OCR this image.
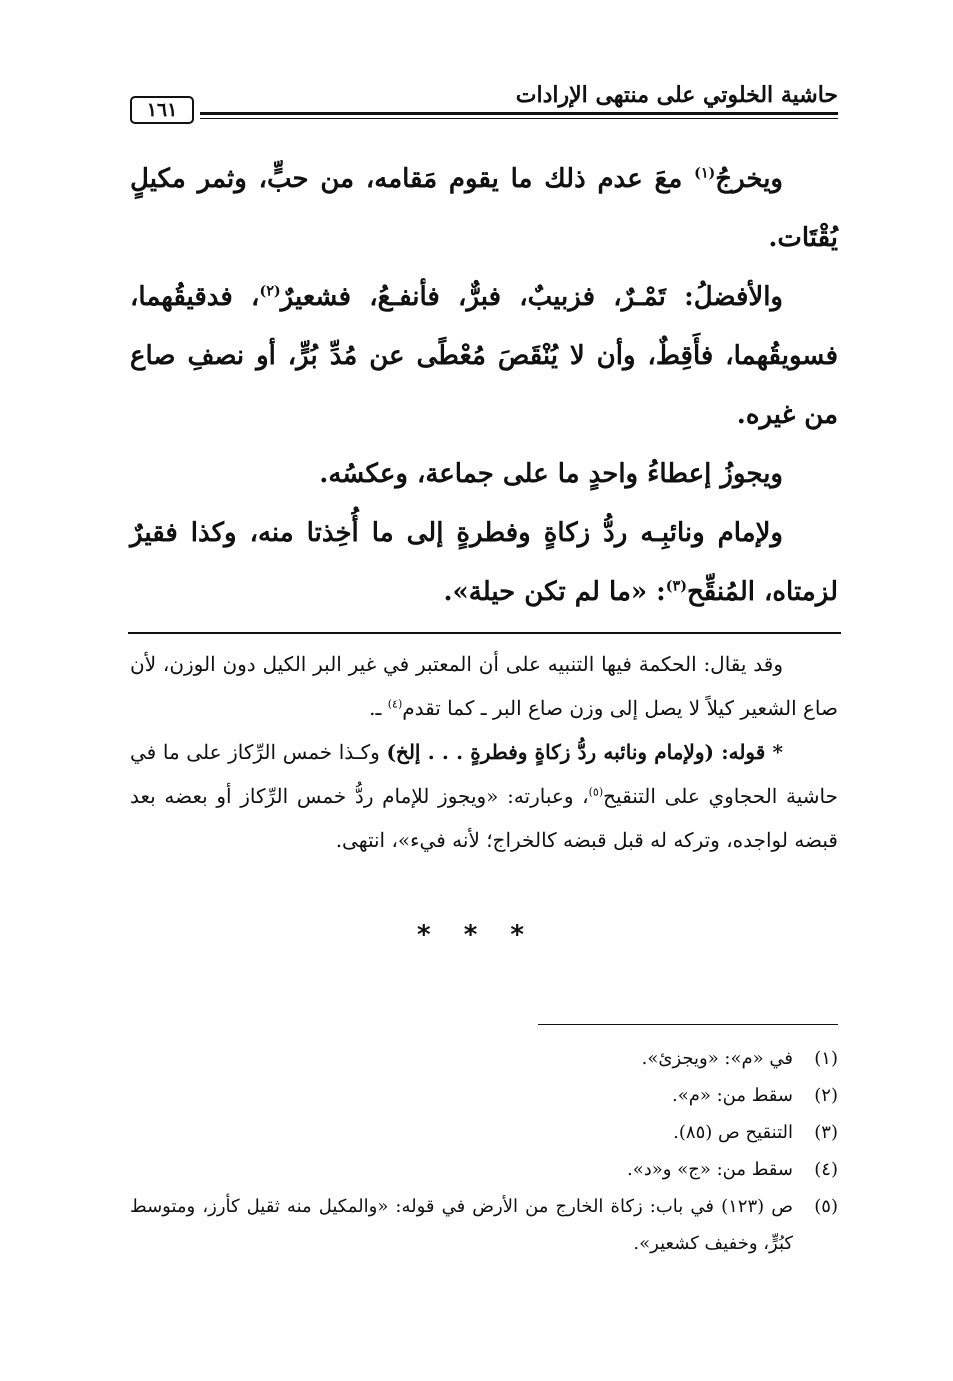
حاشية الخلوتي على منتهى الإرادات
١٦١

ويخرجُ$^{(١)}$ معَ عدم ذلك ما يقوم مَقامه، من حبٍّ، وثمر مكيلٍ يُقْتَات.

والأفضلُ: تَمْـرٌ، فزبيبٌ، فبرٌّ، فأنفـعُ، فشعيرٌ$^{(٢)}$، فدقيقُهما، فسويقُهما، فأَقِطٌ، وأن لا يُنْقَصَ مُعْطًى عن مُدِّ بُرٍّ، أو نصفِ صاع من غيره.

ويجوزُ إعطاءُ واحدٍ ما على جماعة، وعكسُه.

ولإمام ونائبِـه ردُّ زكاةٍ وفطرةٍ إلى ما أُخِذتا منه، وكذا فقيرٌ لزمتاه، المُنقِّح$^{(٣)}$: «ما لم تكن حيلة».

وقد يقال: الحكمة فيها التنبيه على أن المعتبر في غير البر الكيل دون الوزن، لأن صاع الشعير كيلاً لا يصل إلى وزن صاع البر ـ كما تقدم$^{(٤)}$ ـ.

* قوله: (ولإمام ونائبه ردُّ زكاةٍ وفطرةٍ . . . إلخ) وكـذا خمس الرِّكاز على ما في حاشية الحجاوي على التنقيح$^{(٥)}$، وعبارته: «ويجوز للإمام ردُّ خمس الرِّكاز أو بعضه بعد قبضه لواجده، وتركه له قبل قبضه كالخراج؛ لأنه فيء»، انتهى.

* * *
(١)
في «م»: «ويجزئ».
(٢)
سقط من: «م».
(٣)
التنقيح ص (٨٥).
(٤)
سقط من: «ج» و«د».
(٥)
ص (١٢٣) في باب: زكاة الخارج من الأرض في قوله: «والمكيل منه ثقيل كأرز، ومتوسط كبُرٍّ، وخفيف كشعير».
